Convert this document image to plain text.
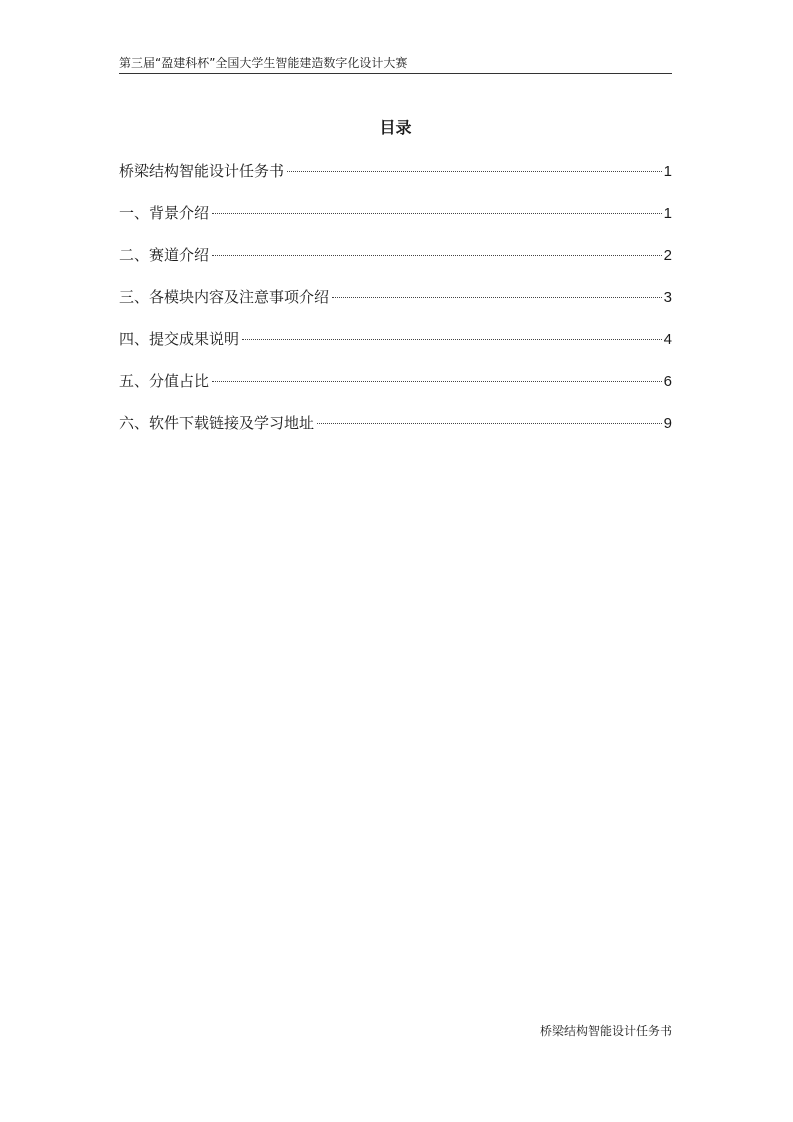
第三届“盈建科杯”全国大学生智能建造数字化设计大赛
目录
桥梁结构智能设计任务书	1
一、背景介绍	1
二、赛道介绍	2
三、各模块内容及注意事项介绍	3
四、提交成果说明	4
五、分值占比	6
六、软件下载链接及学习地址	9
桥梁结构智能设计任务书
